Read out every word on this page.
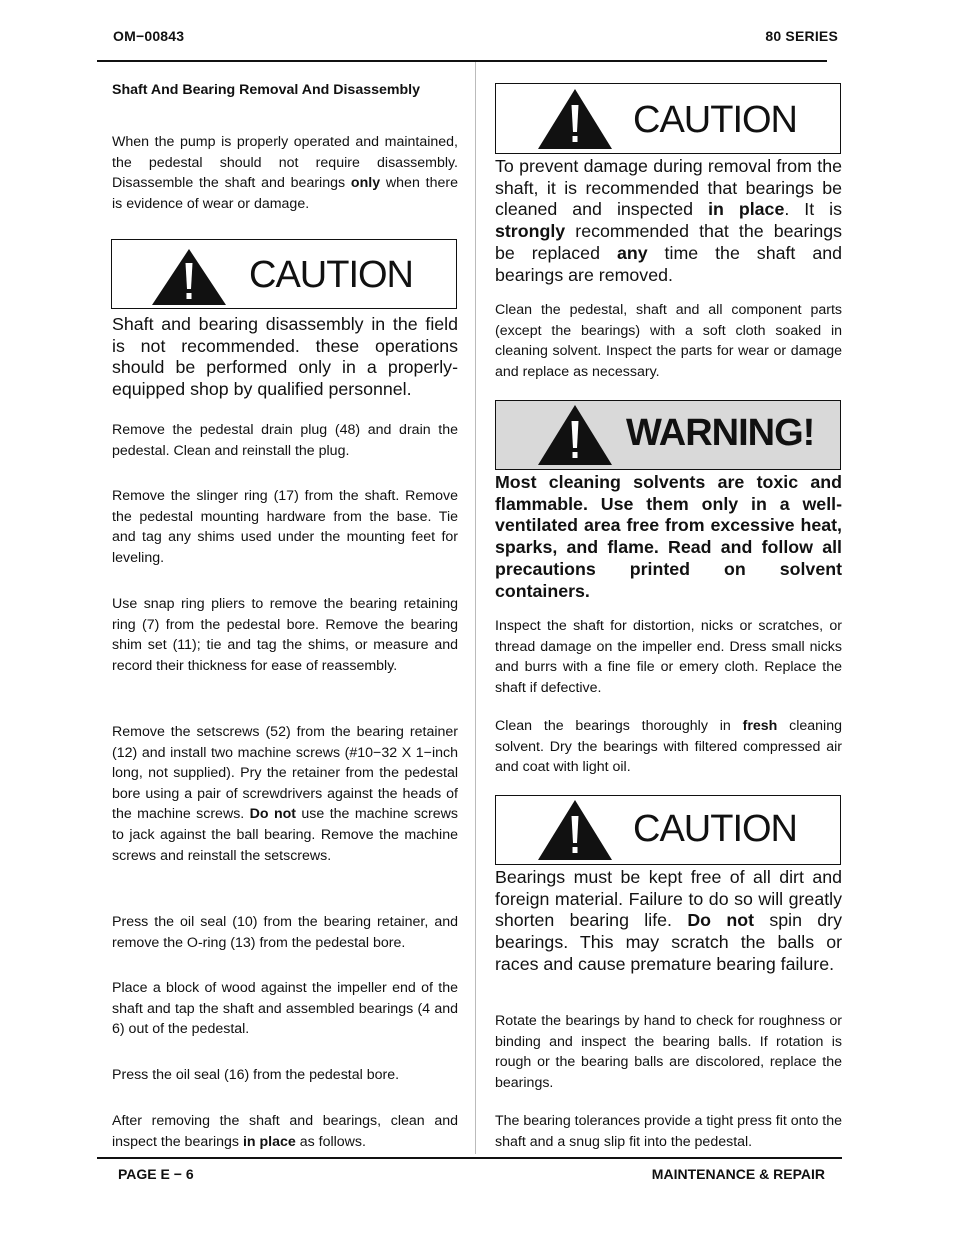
OM−00843	80 SERIES
Shaft And Bearing Removal And Disassembly
When the pump is properly operated and maintained, the pedestal should not require disassembly. Disassemble the shaft and bearings only when there is evidence of wear or damage.
CAUTION
Shaft and bearing disassembly in the field is not recommended. these operations should be performed only in a properly-equipped shop by qualified personnel.
Remove the pedestal drain plug (48) and drain the pedestal. Clean and reinstall the plug.
Remove the slinger ring (17) from the shaft. Remove the pedestal mounting hardware from the base. Tie and tag any shims used under the mounting feet for leveling.
Use snap ring pliers to remove the bearing retaining ring (7) from the pedestal bore. Remove the bearing shim set (11); tie and tag the shims, or measure and record their thickness for ease of reassembly.
Remove the setscrews (52) from the bearing retainer (12) and install two machine screws (#10−32 X 1−inch long, not supplied). Pry the retainer from the pedestal bore using a pair of screwdrivers against the heads of the machine screws. Do not use the machine screws to jack against the ball bearing. Remove the machine screws and reinstall the setscrews.
Press the oil seal (10) from the bearing retainer, and remove the O-ring (13) from the pedestal bore.
Place a block of wood against the impeller end of the shaft and tap the shaft and assembled bearings (4 and 6) out of the pedestal.
Press the oil seal (16) from the pedestal bore.
After removing the shaft and bearings, clean and inspect the bearings in place as follows.
CAUTION
To prevent damage during removal from the shaft, it is recommended that bearings be cleaned and inspected in place. It is strongly recommended that the bearings be replaced any time the shaft and bearings are removed.
Clean the pedestal, shaft and all component parts (except the bearings) with a soft cloth soaked in cleaning solvent. Inspect the parts for wear or damage and replace as necessary.
WARNING!
Most cleaning solvents are toxic and flammable. Use them only in a well-ventilated area free from excessive heat, sparks, and flame. Read and follow all precautions printed on solvent containers.
Inspect the shaft for distortion, nicks or scratches, or thread damage on the impeller end. Dress small nicks and burrs with a fine file or emery cloth. Replace the shaft if defective.
Clean the bearings thoroughly in fresh cleaning solvent. Dry the bearings with filtered compressed air and coat with light oil.
CAUTION
Bearings must be kept free of all dirt and foreign material. Failure to do so will greatly shorten bearing life. Do not spin dry bearings. This may scratch the balls or races and cause premature bearing failure.
Rotate the bearings by hand to check for roughness or binding and inspect the bearing balls. If rotation is rough or the bearing balls are discolored, replace the bearings.
The bearing tolerances provide a tight press fit onto the shaft and a snug slip fit into the pedestal.
PAGE E − 6	MAINTENANCE & REPAIR
